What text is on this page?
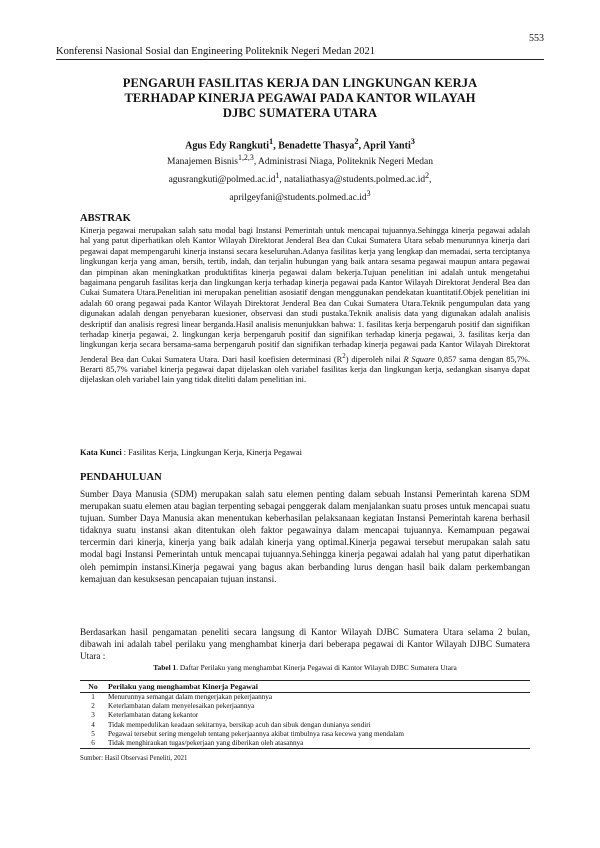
553
Konferensi Nasional Sosial dan Engineering Politeknik Negeri Medan 2021
PENGARUH FASILITAS KERJA DAN LINGKUNGAN KERJA
TERHADAP KINERJA PEGAWAI PADA KANTOR WILAYAH
DJBC SUMATERA UTARA
Agus Edy Rangkuti$^1$, Benadette Thasya$^2$, April Yanti$^3$
Manajemen Bisnis$^{1,2,3}$, Administrasi Niaga, Politeknik Negeri Medan
$agusrangkuti@polmed.ac.id^1$, $nataliathasya@students.polmed.ac.id^2$,
$aprilgeyfani@students.polmed.ac.id^3$
ABSTRAK
Kinerja pegawai merupakan salah satu modal bagi Instansi Pemerintah untuk mencapai tujuannya.Sehingga kinerja pegawai adalah hal yang patut diperhatikan oleh Kantor Wilayah Direktorat Jenderal Bea dan Cukai Sumatera Utara sebab menurunnya kinerja dari pegawai dapat mempengaruhi kinerja instansi secara keseluruhan.Adanya fasilitas kerja yang lengkap dan memadai, serta terciptanya lingkungan kerja yang aman, bersih, tertib, indah, dan terjalin hubungan yang baik antara sesama pegawai maupun antara pegawai dan pimpinan akan meningkatkan produktifitas kinerja pegawai dalam bekerja.Tujuan penelitian ini adalah untuk mengetahui bagaimana pengaruh fasilitas kerja dan lingkungan kerja terhadap kinerja pegawai pada Kantor Wilayah Direktorat Jenderal Bea dan Cukai Sumatera Utara.Penelitian ini merupakan penelitian asosiatif dengan menggunakan pendekatan kuantitatif.Objek penelitian ini adalah 60 orang pegawai pada Kantor Wilayah Direktorat Jenderal Bea dan Cukai Sumatera Utara.Teknik pengumpulan data yang digunakan adalah dengan penyebaran kuesioner, observasi dan studi pustaka.Teknik analisis data yang digunakan adalah analisis deskriptif dan analisis regresi linear berganda.Hasil analisis menunjukkan bahwa: 1. fasilitas kerja berpengaruh positif dan signifikan terhadap kinerja pegawai, 2. lingkungan kerja berpengaruh positif dan signifikan terhadap kinerja pegawai, 3. fasilitas kerja dan lingkungan kerja secara bersama-sama berpengaruh positif dan signifikan terhadap kinerja pegawai pada Kantor Wilayah Direktorat Jenderal Bea dan Cukai Sumatera Utara. Dari hasil koefisien determinasi $(R^2)$ diperoleh nilai R Square 0,857 sama dengan 85,7%. Berarti 85,7% variabel kinerja pegawai dapat dijelaskan oleh variabel fasilitas kerja dan lingkungan kerja, sedangkan sisanya dapat dijelaskan oleh variabel lain yang tidak diteliti dalam penelitian ini.
Kata Kunci : Fasilitas Kerja, Lingkungan Kerja, Kinerja Pegawai
PENDAHULUAN
Sumber Daya Manusia (SDM) merupakan salah satu elemen penting dalam sebuah Instansi Pemerintah karena SDM merupakan suatu elemen atau bagian terpenting sebagai penggerak dalam menjalankan suatu proses untuk mencapai suatu tujuan. Sumber Daya Manusia akan menentukan keberhasilan pelaksanaan kegiatan Instansi Pemerintah karena berhasil tidaknya suatu instansi akan ditentukan oleh faktor pegawainya dalam mencapai tujuannya. Kemampuan pegawai tercermin dari kinerja, kinerja yang baik adalah kinerja yang optimal.Kinerja pegawai tersebut merupakan salah satu modal bagi Instansi Pemerintah untuk mencapai tujuannya.Sehingga kinerja pegawai adalah hal yang patut diperhatikan oleh pemimpin instansi.Kinerja pegawai yang bagus akan berbanding lurus dengan hasil baik dalam perkembangan kemajuan dan kesuksesan pencapaian tujuan instansi.
Berdasarkan hasil pengamatan peneliti secara langsung di Kantor Wilayah DJBC Sumatera Utara selama 2 bulan, dibawah ini adalah tabel perilaku yang menghambat kinerja dari beberapa pegawai di Kantor Wilayah DJBC Sumatera Utara :
Tabel 1. Daftar Perilaku yang menghambat Kinerja Pegawai di Kantor Wilayah DJBC Sumatera Utara
No	Perilaku yang menghambat Kinerja Pegawai
1	Menurunnya semangat dalam mengerjakan pekerjaannya
2	Keterlambatan dalam menyelesaikan pekerjaannya
3	Keterlambatan datang kekantor
4	Tidak mempedulikan keadaan sekitarnya, bersikap acuh dan sibuk dengan dunianya sendiri
5	Pegawai tersebut sering mengeluh tentang pekerjaannya akibat timbulnya rasa kecewa yang mendalam
6	Tidak menghiraukan tugas/pekerjaan yang diberikan oleh atasannya
Sumber: Hasil Observasi Peneliti, 2021
